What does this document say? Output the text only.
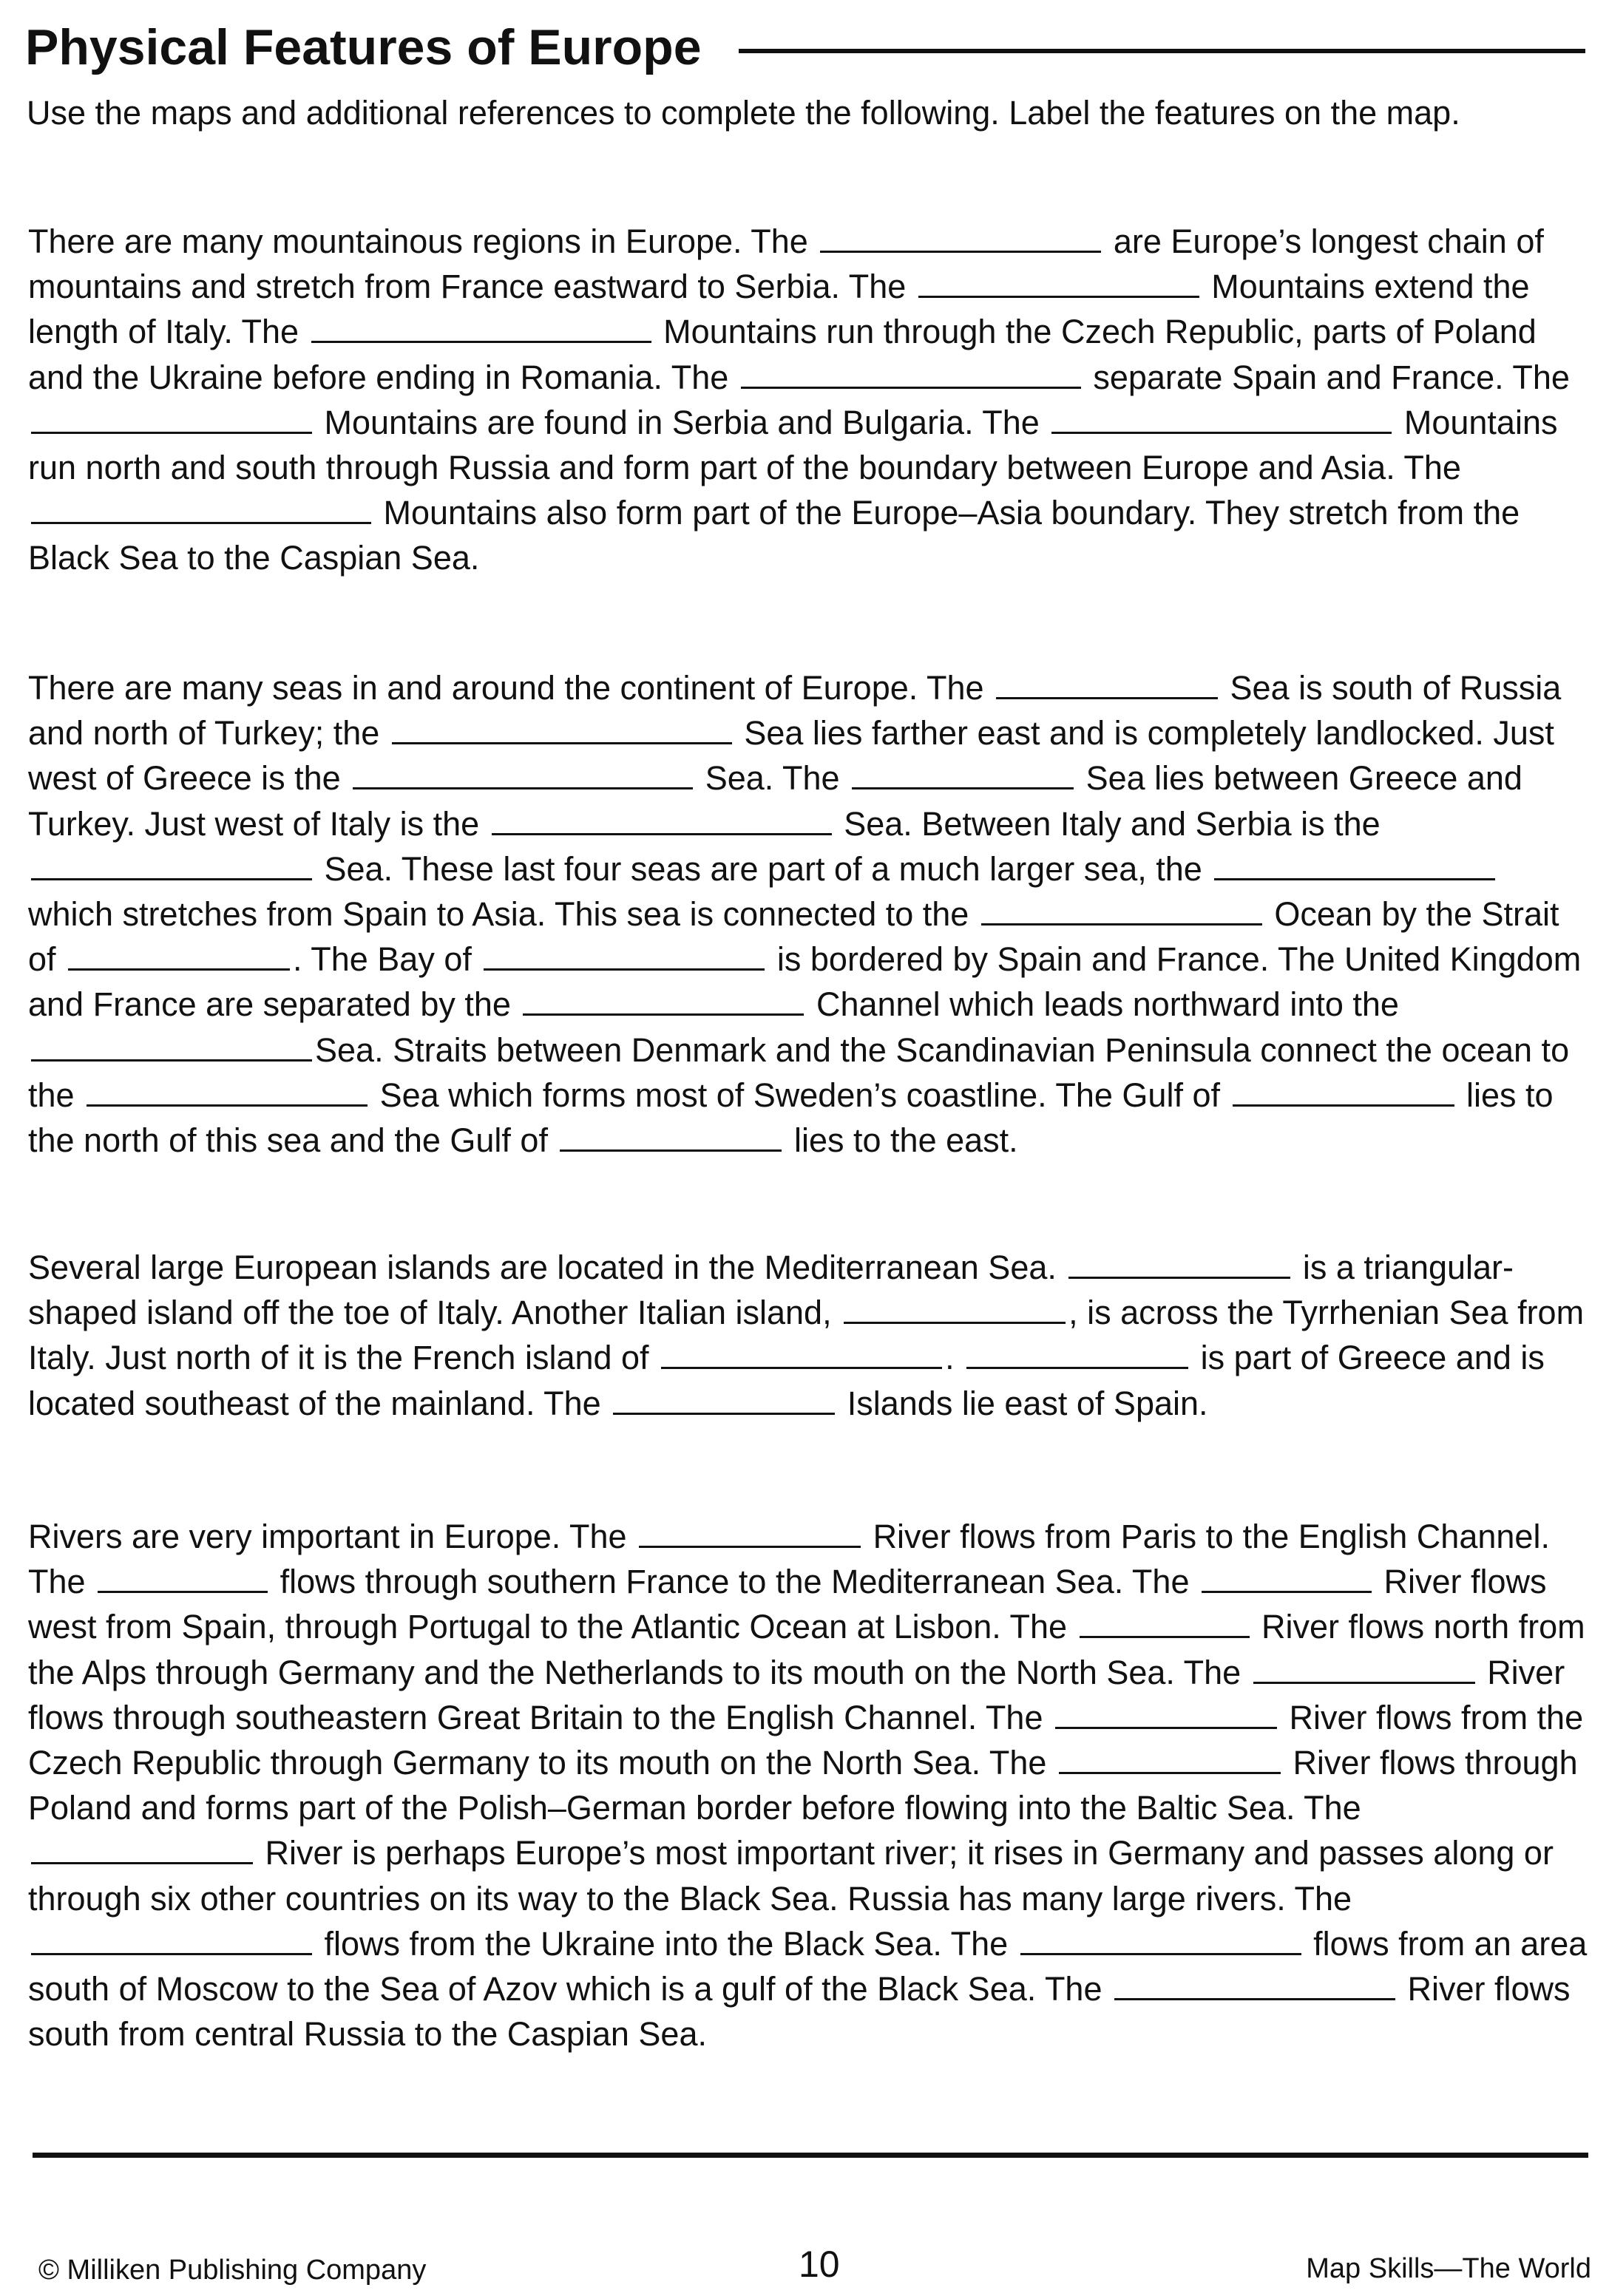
Physical Features of Europe
Use the maps and additional references to complete the following. Label the features on the map.
There are many mountainous regions in Europe. The	are Europe’s longest chain of mountains and stretch from France eastward to Serbia. The	Mountains extend the length of Italy. The	Mountains run through the Czech Republic, parts of Poland and the Ukraine before ending in Romania. The	separate Spain and France. The  Mountains are found in Serbia and Bulgaria. The	Mountains run north and south through Russia and form part of the boundary between Europe and Asia. The  Mountains also form part of the Europe–Asia boundary. They stretch from the Black Sea to the Caspian Sea.
There are many seas in and around the continent of Europe. The	Sea is south of Russia and north of Turkey; the	Sea lies farther east and is completely landlocked. Just west of Greece is the	Sea. The	Sea lies between Greece and Turkey. Just west of Italy is the	Sea. Between Italy and Serbia is the  Sea. These last four seas are part of a much larger sea, the  which stretches from Spain to Asia. This sea is connected to the	Ocean by the Strait of	. The Bay of	is bordered by Spain and France. The United Kingdom and France are separated by the	Channel which leads northward into the Sea. Straits between Denmark and the Scandinavian Peninsula connect the ocean to the	Sea which forms most of Sweden’s coastline. The Gulf of	lies to the north of this sea and the Gulf of	lies to the east.
Several large European islands are located in the Mediterranean Sea.	is a triangular-shaped island off the toe of Italy. Another Italian island,	, is across the Tyrrhenian Sea from Italy. Just north of it is the French island of	.	is part of Greece and is located southeast of the mainland. The	Islands lie east of Spain.
Rivers are very important in Europe. The	River flows from Paris to the English Channel. The	flows through southern France to the Mediterranean Sea. The	River flows west from Spain, through Portugal to the Atlantic Ocean at Lisbon. The	River flows north from the Alps through Germany and the Netherlands to its mouth on the North Sea. The	River flows through southeastern Great Britain to the English Channel. The	River flows from the Czech Republic through Germany to its mouth on the North Sea. The	River flows through Poland and forms part of the Polish–German border before flowing into the Baltic Sea. The  River is perhaps Europe’s most important river; it rises in Germany and passes along or through six other countries on its way to the Black Sea. Russia has many large rivers. The  flows from the Ukraine into the Black Sea. The	flows from an area south of Moscow to the Sea of Azov which is a gulf of the Black Sea. The	River flows south from central Russia to the Caspian Sea.
© Milliken Publishing Company	10	Map Skills—The World
